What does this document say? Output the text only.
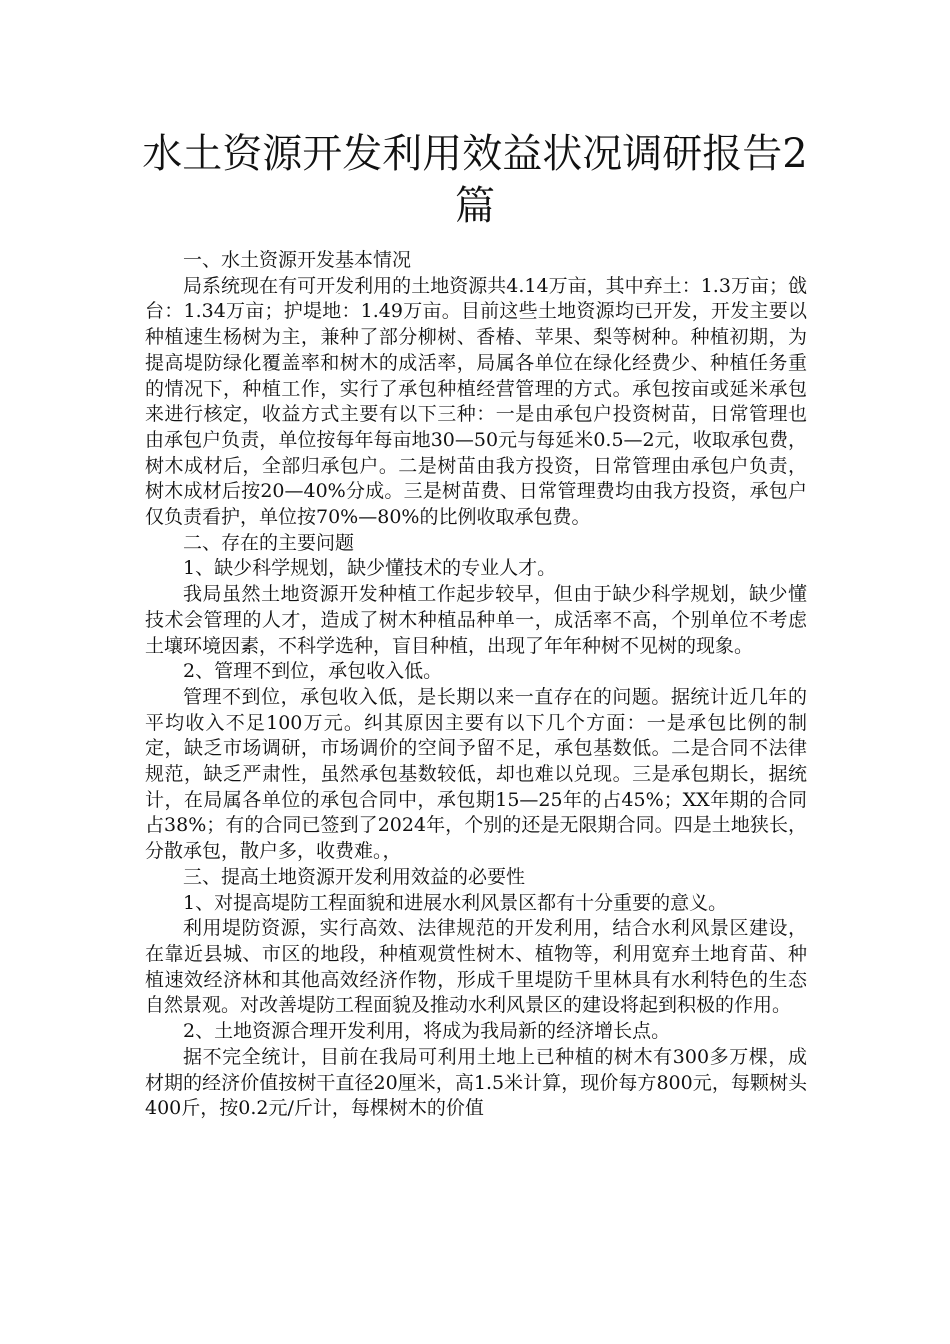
水土资源开发利用效益状况调研报告2篇

一、水土资源开发基本情况

局系统现在有可开发利用的土地资源共4.14万亩，其中弃土：1.3万亩；戗台：1.34万亩；护堤地：1.49万亩。目前这些土地资源均已开发，开发主要以种植速生杨树为主，兼种了部分柳树、香椿、苹果、梨等树种。种植初期，为提高堤防绿化覆盖率和树木的成活率，局属各单位在绿化经费少、种植任务重的情况下，种植工作，实行了承包种植经营管理的方式。承包按亩或延米承包来进行核定，收益方式主要有以下三种：一是由承包户投资树苗，日常管理也由承包户负责，单位按每年每亩地30—50元与每延米0.5—2元，收取承包费，树木成材后，全部归承包户。二是树苗由我方投资，日常管理由承包户负责，树木成材后按20—40%分成。三是树苗费、日常管理费均由我方投资，承包户仅负责看护，单位按70%—80%的比例收取承包费。

二、存在的主要问题

1、缺少科学规划，缺少懂技术的专业人才。

我局虽然土地资源开发种植工作起步较早，但由于缺少科学规划，缺少懂技术会管理的人才，造成了树木种植品种单一，成活率不高，个别单位不考虑土壤环境因素，不科学选种，盲目种植，出现了年年种树不见树的现象。

2、管理不到位，承包收入低。

管理不到位，承包收入低，是长期以来一直存在的问题。据统计近几年的平均收入不足100万元。纠其原因主要有以下几个方面：一是承包比例的制定，缺乏市场调研，市场调价的空间予留不足，承包基数低。二是合同不法律规范，缺乏严肃性，虽然承包基数较低，却也难以兑现。三是承包期长，据统计，在局属各单位的承包合同中，承包期15—25年的占45%；XX年期的合同占38%；有的合同已签到了2024年，个别的还是无限期合同。四是土地狭长，分散承包，散户多，收费难。，

三、提高土地资源开发利用效益的必要性

1、对提高堤防工程面貌和进展水利风景区都有十分重要的意义。

利用堤防资源，实行高效、法律规范的开发利用，结合水利风景区建设，在靠近县城、市区的地段，种植观赏性树木、植物等，利用宽弃土地育苗、种植速效经济林和其他高效经济作物，形成千里堤防千里林具有水利特色的生态自然景观。对改善堤防工程面貌及推动水利风景区的建设将起到积极的作用。

2、土地资源合理开发利用，将成为我局新的经济增长点。

据不完全统计，目前在我局可利用土地上已种植的树木有300多万棵，成材期的经济价值按树干直径20厘米，高1.5米计算，现价每方800元，每颗树头400斤，按0.2元/斤计，每棵树木的价值
